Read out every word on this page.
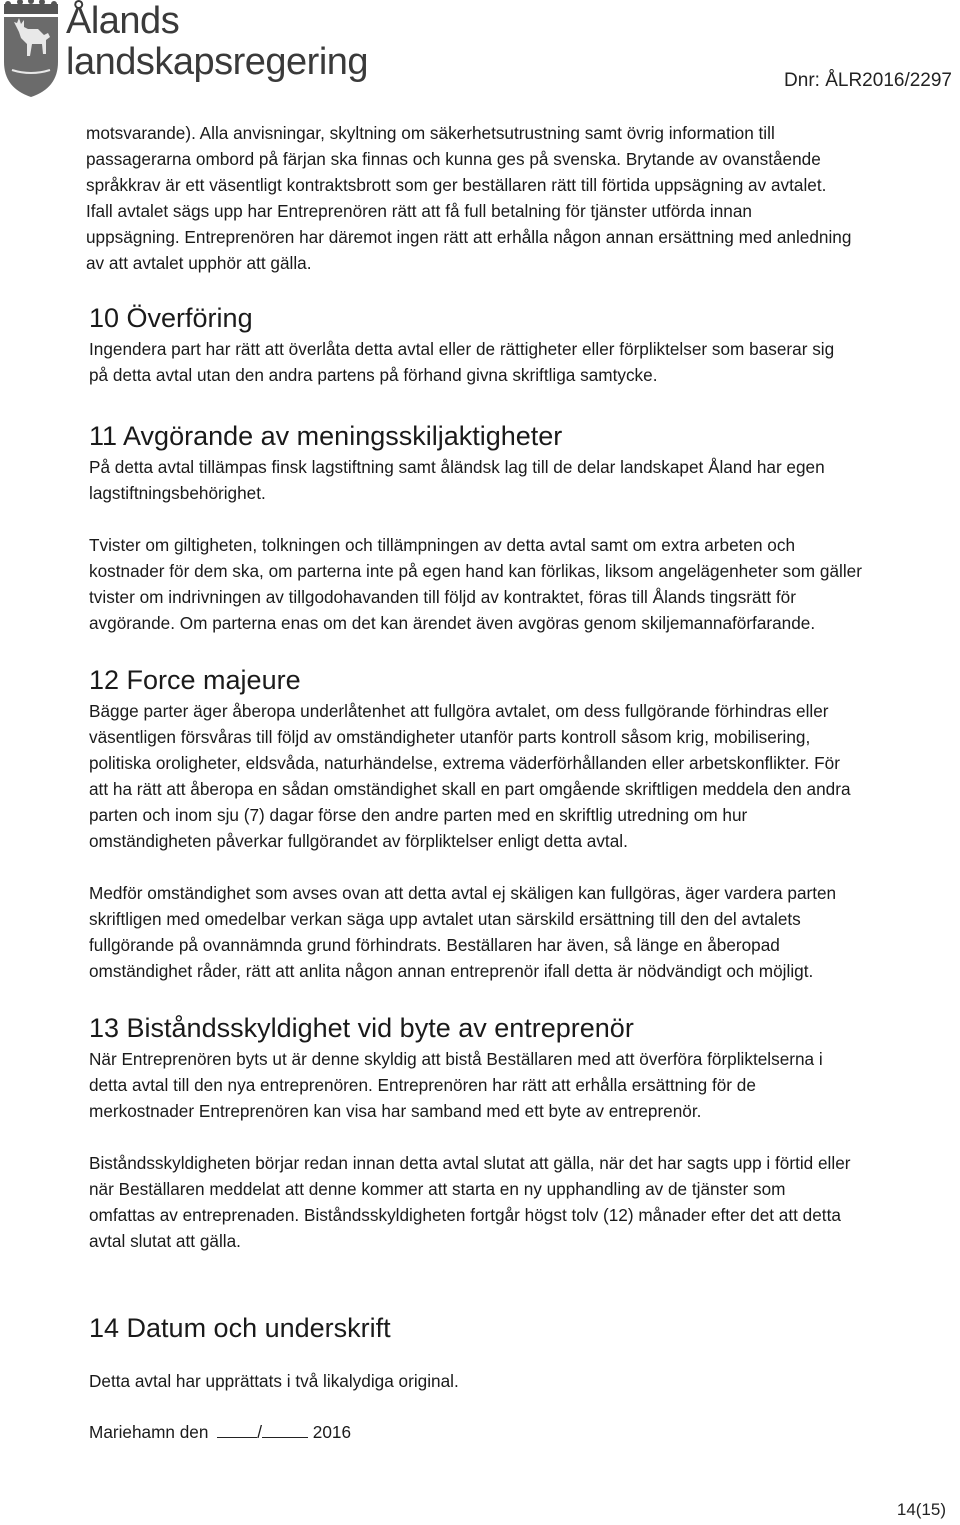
Ålands
landskapsregering	Dnr: ÅLR2016/2297

motsvarande). Alla anvisningar, skyltning om säkerhetsutrustning samt övrig information till

passagerarna ombord på färjan ska finnas och kunna ges på svenska. Brytande av ovanstående

språkkrav är ett väsentligt kontraktsbrott som ger beställaren rätt till förtida uppsägning av avtalet.

Ifall avtalet sägs upp har Entreprenören rätt att få full betalning för tjänster utförda innan

uppsägning. Entreprenören har däremot ingen rätt att erhålla någon annan ersättning med anledning

av att avtalet upphör att gälla.

10 Överföring

Ingendera part har rätt att överlåta detta avtal eller de rättigheter eller förpliktelser som baserar sig

på detta avtal utan den andra partens på förhand givna skriftliga samtycke.

11 Avgörande av meningsskiljaktigheter

På detta avtal tillämpas finsk lagstiftning samt åländsk lag till de delar landskapet Åland har egen

lagstiftningsbehörighet.

Tvister om giltigheten, tolkningen och tillämpningen av detta avtal samt om extra arbeten och

kostnader för dem ska, om parterna inte på egen hand kan förlikas, liksom angelägenheter som gäller

tvister om indrivningen av tillgodohavanden till följd av kontraktet, föras till Ålands tingsrätt för

avgörande. Om parterna enas om det kan ärendet även avgöras genom skiljemannaförfarande.

12 Force majeure

Bägge parter äger åberopa underlåtenhet att fullgöra avtalet, om dess fullgörande förhindras eller

väsentligen försvåras till följd av omständigheter utanför parts kontroll såsom krig, mobilisering,

politiska oroligheter, eldsvåda, naturhändelse, extrema väderförhållanden eller arbetskonflikter. För

att ha rätt att åberopa en sådan omständighet skall en part omgående skriftligen meddela den andra

parten och inom sju (7) dagar förse den andre parten med en skriftlig utredning om hur

omständigheten påverkar fullgörandet av förpliktelser enligt detta avtal.

Medför omständighet som avses ovan att detta avtal ej skäligen kan fullgöras, äger vardera parten

skriftligen med omedelbar verkan säga upp avtalet utan särskild ersättning till den del avtalets

fullgörande på ovannämnda grund förhindrats. Beställaren har även, så länge en åberopad

omständighet råder, rätt att anlita någon annan entreprenör ifall detta är nödvändigt och möjligt.

13 Biståndsskyldighet vid byte av entreprenör

När Entreprenören byts ut är denne skyldig att bistå Beställaren med att överföra förpliktelserna i

detta avtal till den nya entreprenören. Entreprenören har rätt att erhålla ersättning för de

merkostnader Entreprenören kan visa har samband med ett byte av entreprenör.

Biståndsskyldigheten börjar redan innan detta avtal slutat att gälla, när det har sagts upp i förtid eller

när Beställaren meddelat att denne kommer att starta en ny upphandling av de tjänster som

omfattas av entreprenaden. Biståndsskyldigheten fortgår högst tolv (12) månader efter det att detta

avtal slutat att gälla.

14 Datum och underskrift

Detta avtal har upprättats i två likalydiga original.

Mariehamn den	/	2016

14(15)
